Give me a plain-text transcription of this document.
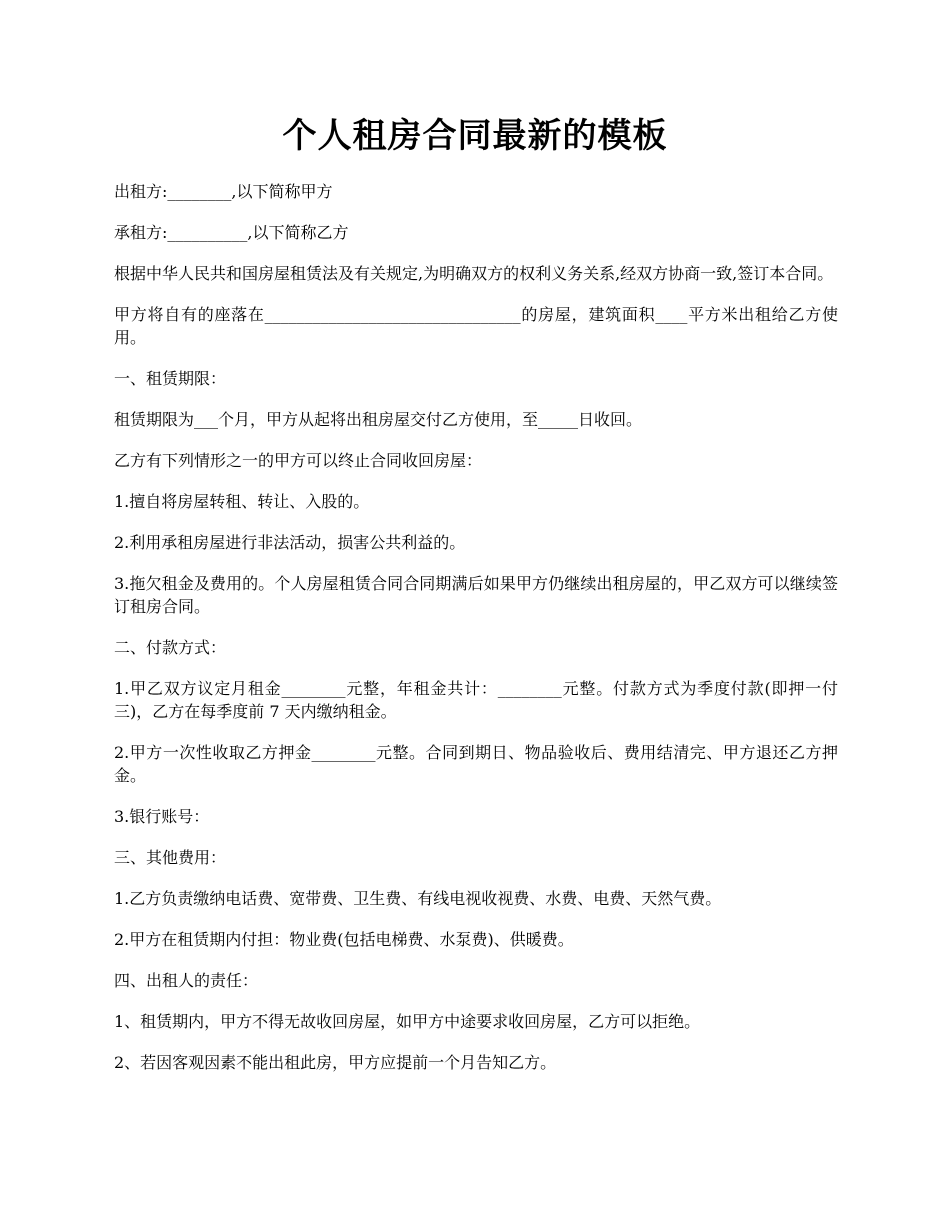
个人租房合同最新的模板

出租方:________,以下简称甲方

承租方:__________,以下简称乙方

根据中华人民共和国房屋租赁法及有关规定,为明确双方的权利义务关系,经双方协商一致,签订本合同。

甲方将自有的座落在________________________________的房屋，建筑面积____平方米出租给乙方使用。

一、租赁期限：

租赁期限为___个月，甲方从起将出租房屋交付乙方使用，至_____日收回。

乙方有下列情形之一的甲方可以终止合同收回房屋：

1.擅自将房屋转租、转让、入股的。

2.利用承租房屋进行非法活动，损害公共利益的。

3.拖欠租金及费用的。个人房屋租赁合同合同期满后如果甲方仍继续出租房屋的，甲乙双方可以继续签订租房合同。

二、付款方式：

1.甲乙双方议定月租金________元整，年租金共计：________元整。付款方式为季度付款(即押一付三)，乙方在每季度前 7 天内缴纳租金。

2.甲方一次性收取乙方押金________元整。合同到期日、物品验收后、费用结清完、甲方退还乙方押金。

3.银行账号：

三、其他费用：

1.乙方负责缴纳电话费、宽带费、卫生费、有线电视收视费、水费、电费、天然气费。

2.甲方在租赁期内付担：物业费(包括电梯费、水泵费)、供暖费。

四、出租人的责任：

1、租赁期内，甲方不得无故收回房屋，如甲方中途要求收回房屋，乙方可以拒绝。

2、若因客观因素不能出租此房，甲方应提前一个月告知乙方。
